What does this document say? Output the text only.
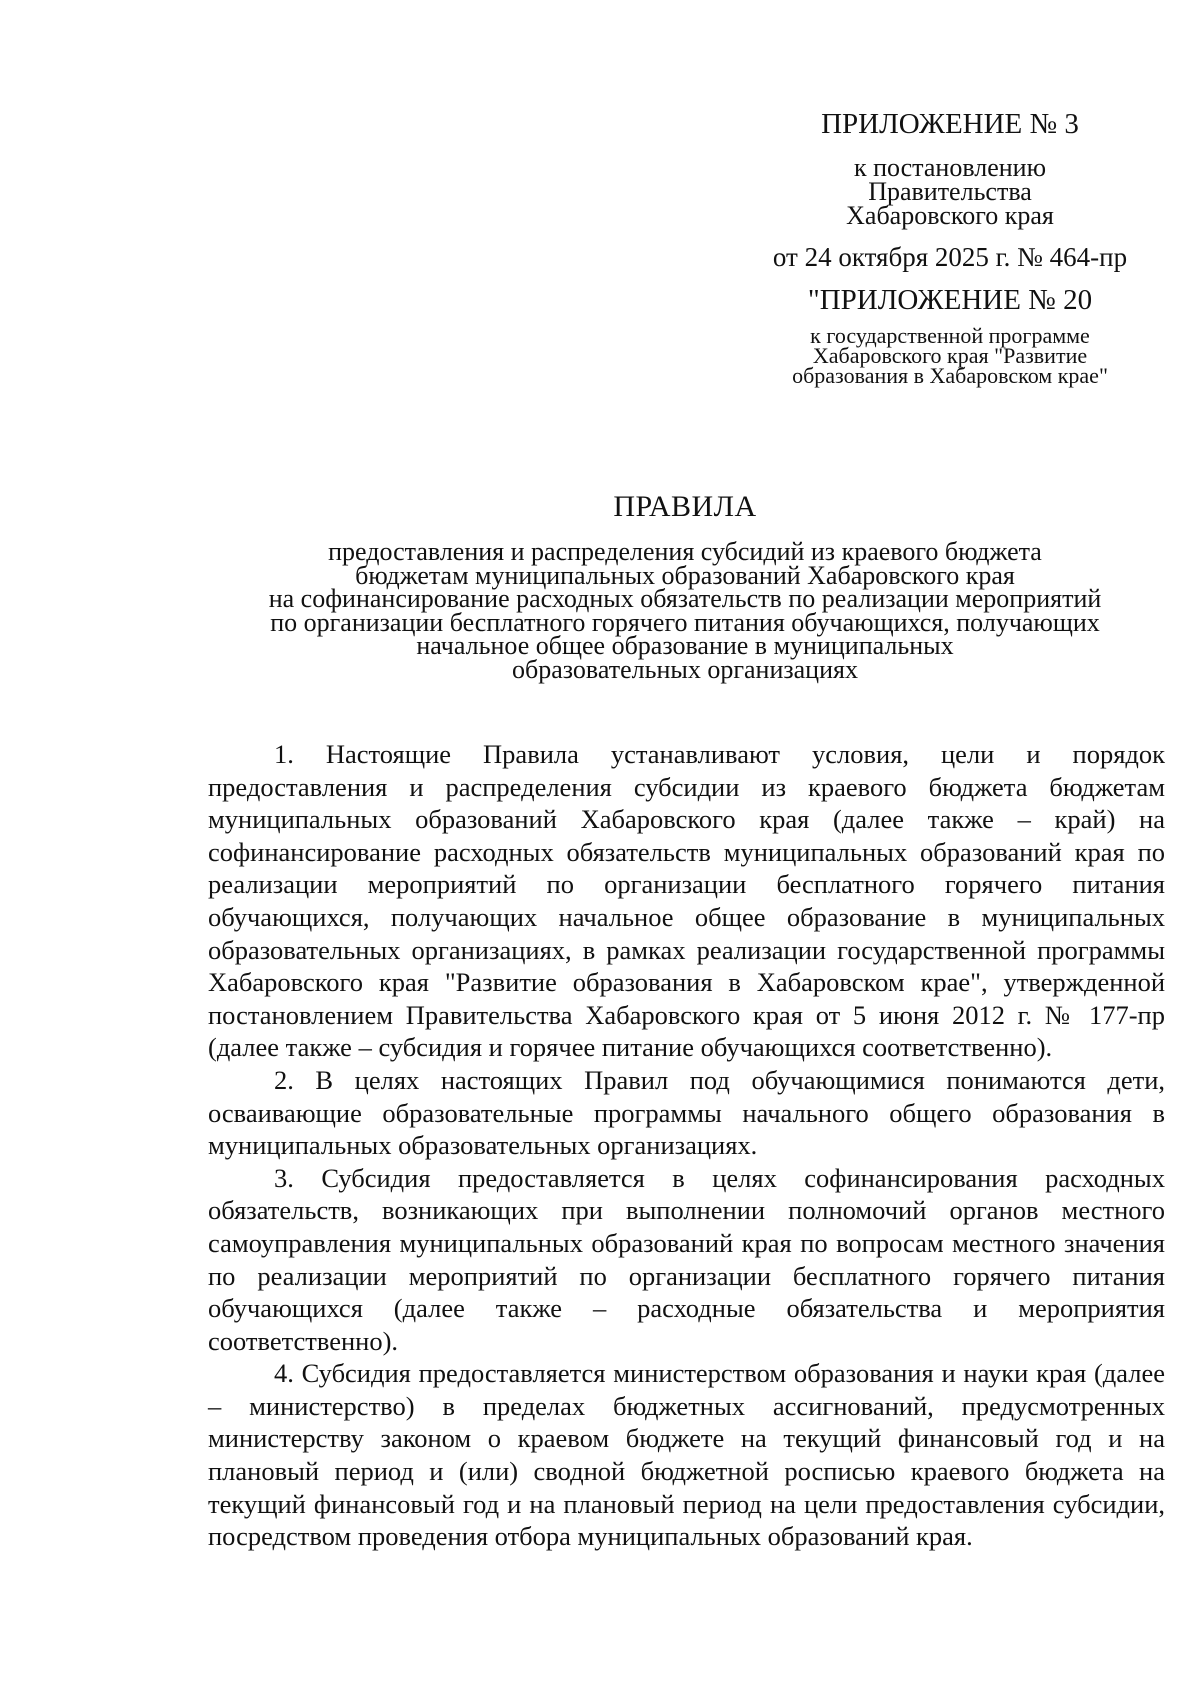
ПРИЛОЖЕНИЕ № 3
к постановлению
Правительства
Хабаровского края
от 24 октября 2025 г. № 464-пр
"ПРИЛОЖЕНИЕ № 20
к государственной программе
Хабаровского края "Развитие
образования в Хабаровском крае"
ПРАВИЛА
предоставления и распределения субсидий из краевого бюджета
бюджетам муниципальных образований Хабаровского края
на софинансирование расходных обязательств по реализации мероприятий
по организации бесплатного горячего питания обучающихся, получающих
начальное общее образование в муниципальных
образовательных организациях

1. Настоящие Правила устанавливают условия, цели и порядок предоставления и распределения субсидии из краевого бюджета бюджетам муниципальных образований Хабаровского края (далее также – край) на софинансирование расходных обязательств муниципальных образований края по реализации мероприятий по организации бесплатного горячего питания обучающихся, получающих начальное общее образование в муниципальных образовательных организациях, в рамках реализации государственной программы Хабаровского края "Развитие образования в Хабаровском крае", утвержденной постановлением Правительства Хабаровского края от 5 июня 2012 г. № 177-пр (далее также – субсидия и горячее питание обучающихся соответственно).

2. В целях настоящих Правил под обучающимися понимаются дети, осваивающие образовательные программы начального общего образования в муниципальных образовательных организациях.

3. Субсидия предоставляется в целях софинансирования расходных обязательств, возникающих при выполнении полномочий органов местного самоуправления муниципальных образований края по вопросам местного значения по реализации мероприятий по организации бесплатного горячего питания обучающихся (далее также – расходные обязательства и мероприятия соответственно).

4. Субсидия предоставляется министерством образования и науки края (далее – министерство) в пределах бюджетных ассигнований, предусмотренных министерству законом о краевом бюджете на текущий финансовый год и на плановый период и (или) сводной бюджетной росписью краевого бюджета на текущий финансовый год и на плановый период на цели предоставления субсидии, посредством проведения отбора муниципальных образований края.
